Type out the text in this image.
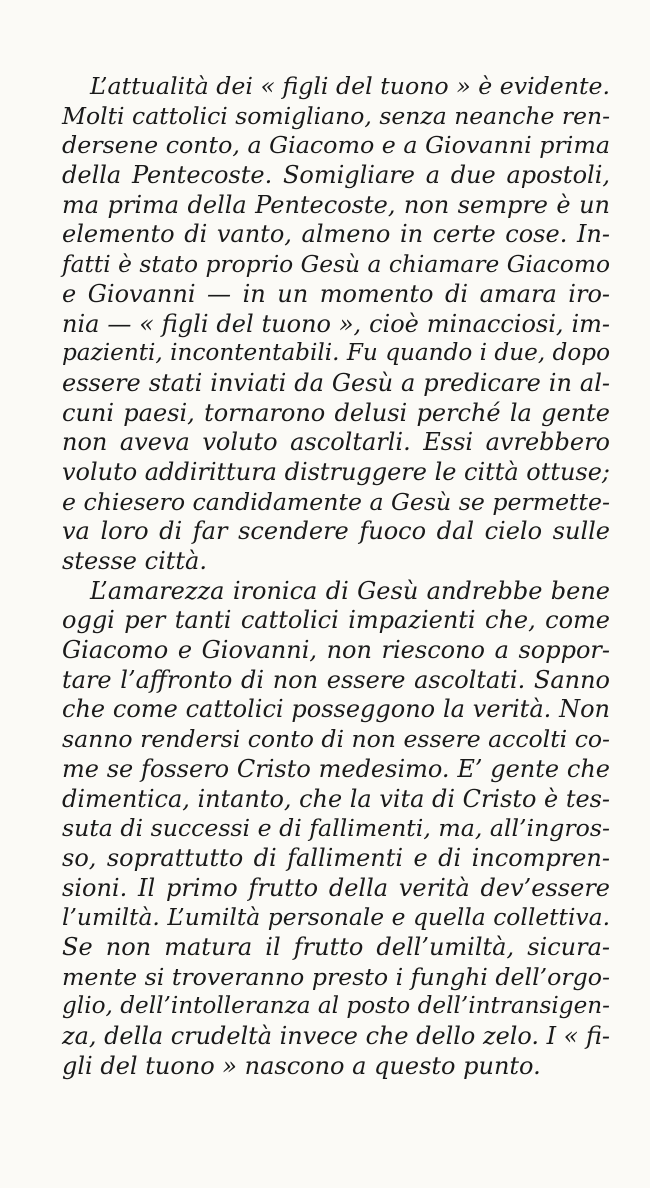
L’attualità dei « figli del tuono » è evidente.
Molti cattolici somigliano, senza neanche ren-
dersene conto, a Giacomo e a Giovanni prima
della Pentecoste. Somigliare a due apostoli,
ma prima della Pentecoste, non sempre è un
elemento di vanto, almeno in certe cose. In-
fatti è stato proprio Gesù a chiamare Giacomo
e Giovanni — in un momento di amara iro-
nia — « figli del tuono », cioè minacciosi, im-
pazienti, incontentabili. Fu quando i due, dopo
essere stati inviati da Gesù a predicare in al-
cuni paesi, tornarono delusi perché la gente
non aveva voluto ascoltarli. Essi avrebbero
voluto addirittura distruggere le città ottuse;
e chiesero candidamente a Gesù se permette-
va loro di far scendere fuoco dal cielo sulle
stesse città.
L’amarezza ironica di Gesù andrebbe bene
oggi per tanti cattolici impazienti che, come
Giacomo e Giovanni, non riescono a soppor-
tare l’affronto di non essere ascoltati. Sanno
che come cattolici posseggono la verità. Non
sanno rendersi conto di non essere accolti co-
me se fossero Cristo medesimo. E’ gente che
dimentica, intanto, che la vita di Cristo è tes-
suta di successi e di fallimenti, ma, all’ingros-
so, soprattutto di fallimenti e di incompren-
sioni. Il primo frutto della verità dev’essere
l’umiltà. L’umiltà personale e quella collettiva.
Se non matura il frutto dell’umiltà, sicura-
mente si troveranno presto i funghi dell’orgo-
glio, dell’intolleranza al posto dell’intransigen-
za, della crudeltà invece che dello zelo. I « fi-
gli del tuono » nascono a questo punto.
